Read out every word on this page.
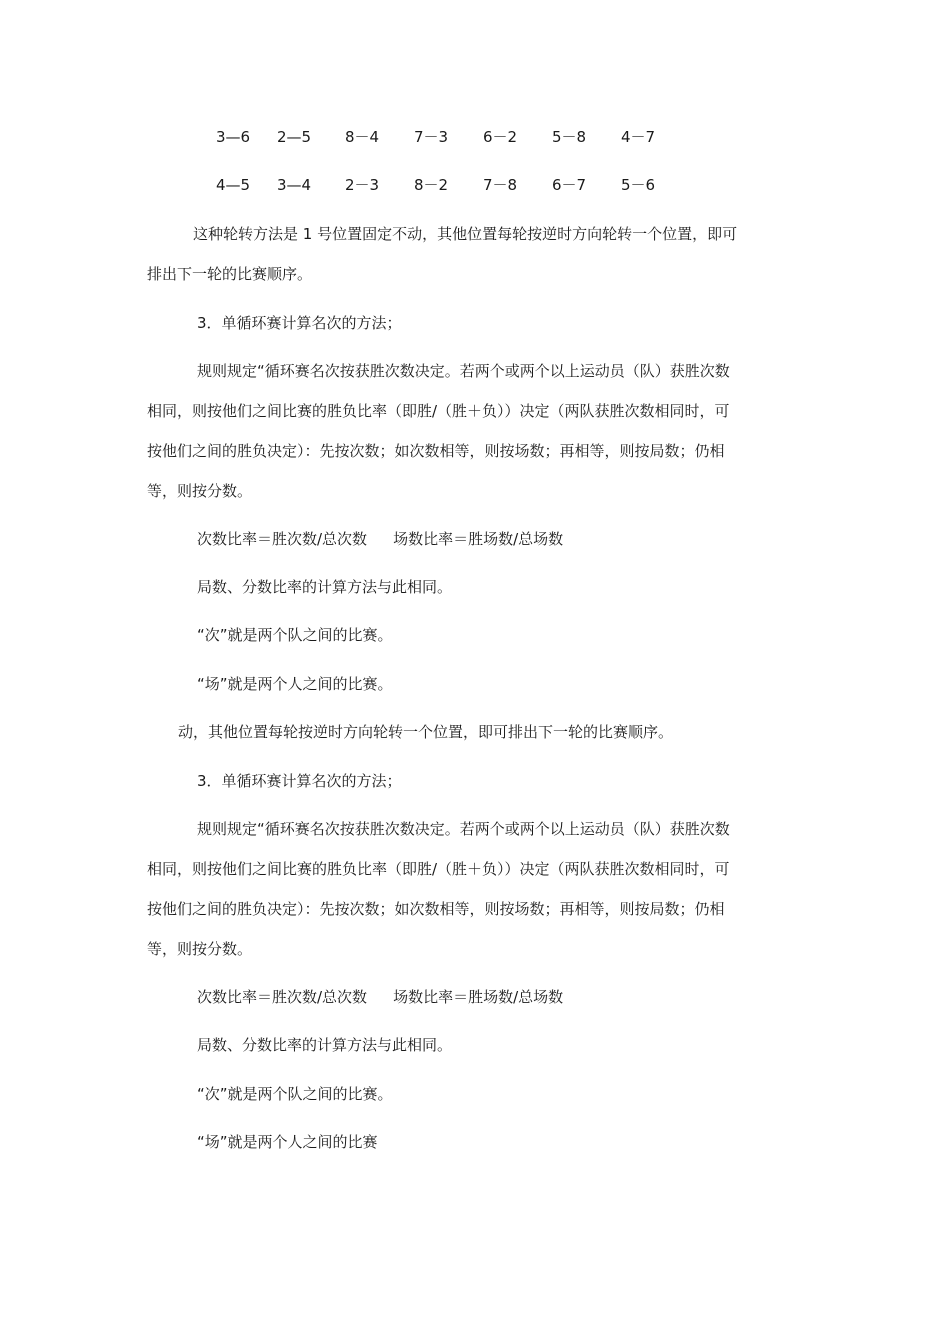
3—6 2—5 8－4 7－3 6－2 5－8 4－7
4—5 3—4 2－3 8－2 7－8 6－7 5－6
这种轮转方法是 1 号位置固定不动，其他位置每轮按逆时方向轮转一个位置，即可
排出下一轮的比赛顺序。
3．单循环赛计算名次的方法；
规则规定“循环赛名次按获胜次数决定。若两个或两个以上运动员（队）获胜次数
相同，则按他们之间比赛的胜负比率（即胜/（胜＋负））决定（两队获胜次数相同时，可
按他们之间的胜负决定）：先按次数；如次数相等，则按场数；再相等，则按局数；仍相
等，则按分数。
次数比率＝胜次数/总次数 场数比率＝胜场数/总场数
局数、分数比率的计算方法与此相同。
“次”就是两个队之间的比赛。
“场”就是两个人之间的比赛。
动，其他位置每轮按逆时方向轮转一个位置，即可排出下一轮的比赛顺序。
3．单循环赛计算名次的方法；
规则规定“循环赛名次按获胜次数决定。若两个或两个以上运动员（队）获胜次数
相同，则按他们之间比赛的胜负比率（即胜/（胜＋负））决定（两队获胜次数相同时，可
按他们之间的胜负决定）：先按次数；如次数相等，则按场数；再相等，则按局数；仍相
等，则按分数。
次数比率＝胜次数/总次数 场数比率＝胜场数/总场数
局数、分数比率的计算方法与此相同。
“次”就是两个队之间的比赛。
“场”就是两个人之间的比赛
